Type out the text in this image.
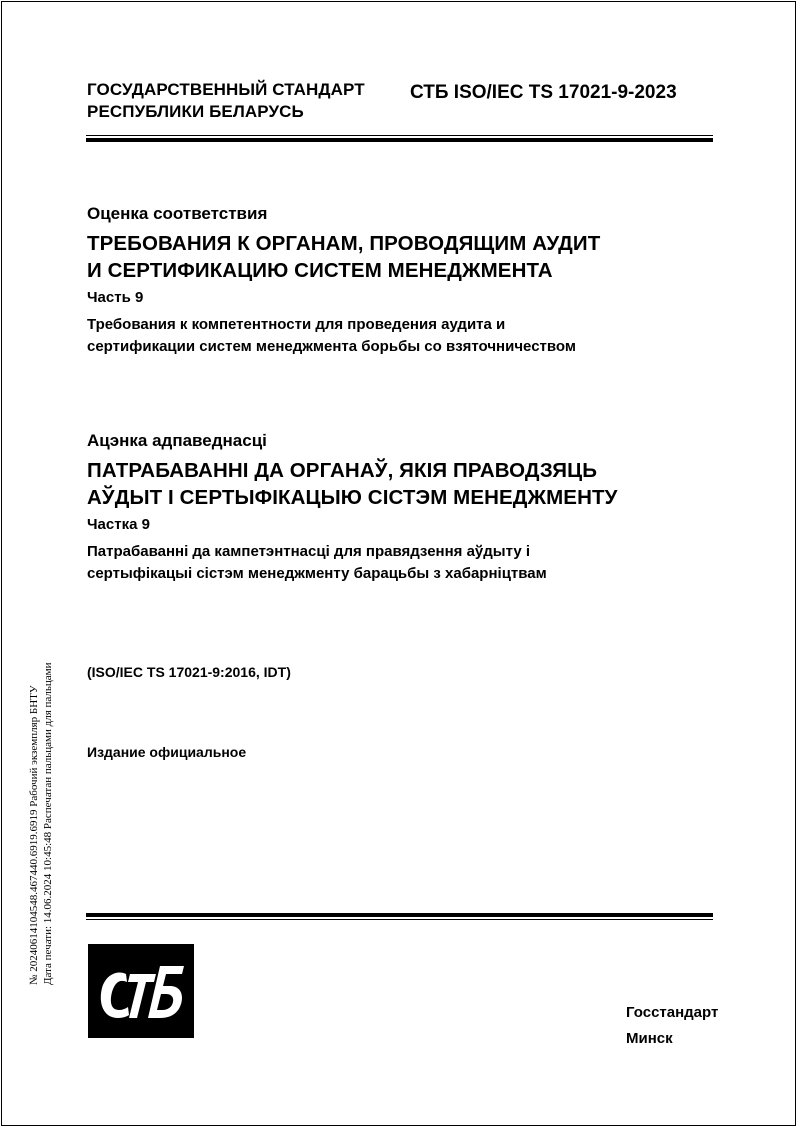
ГОСУДАРСТВЕННЫЙ СТАНДАРТ
РЕСПУБЛИКИ БЕЛАРУСЬ
СТБ ISO/IEC TS 17021-9-2023
Оценка соответствия
ТРЕБОВАНИЯ К ОРГАНАМ, ПРОВОДЯЩИМ АУДИТ
И СЕРТИФИКАЦИЮ СИСТЕМ МЕНЕДЖМЕНТА
Часть 9
Требования к компетентности для проведения аудита и
сертификации систем менеджмента борьбы со взяточничеством
Ацэнка адпаведнасці
ПАТРАБАВАННІ ДА ОРГАНАЎ, ЯКІЯ ПРАВОДЗЯЦЬ
АЎДЫТ І СЕРТЫФІКАЦЫЮ СІСТЭМ МЕНЕДЖМЕНТУ
Частка 9
Патрабаванні да кампетэнтнасці для правядзення аўдыту і
сертыфікацыі сістэм менеджменту барацьбы з хабарніцтвам
(ISO/IEC TS 17021-9:2016, IDT)
Издание официальное
№ 20240614104548.467440.6919.6919 Рабочий экземпляр БНТУ Дата печати: 14.06.2024 10:45:48 Распечатан пальцами для пальцами
Госстандарт
Минск
